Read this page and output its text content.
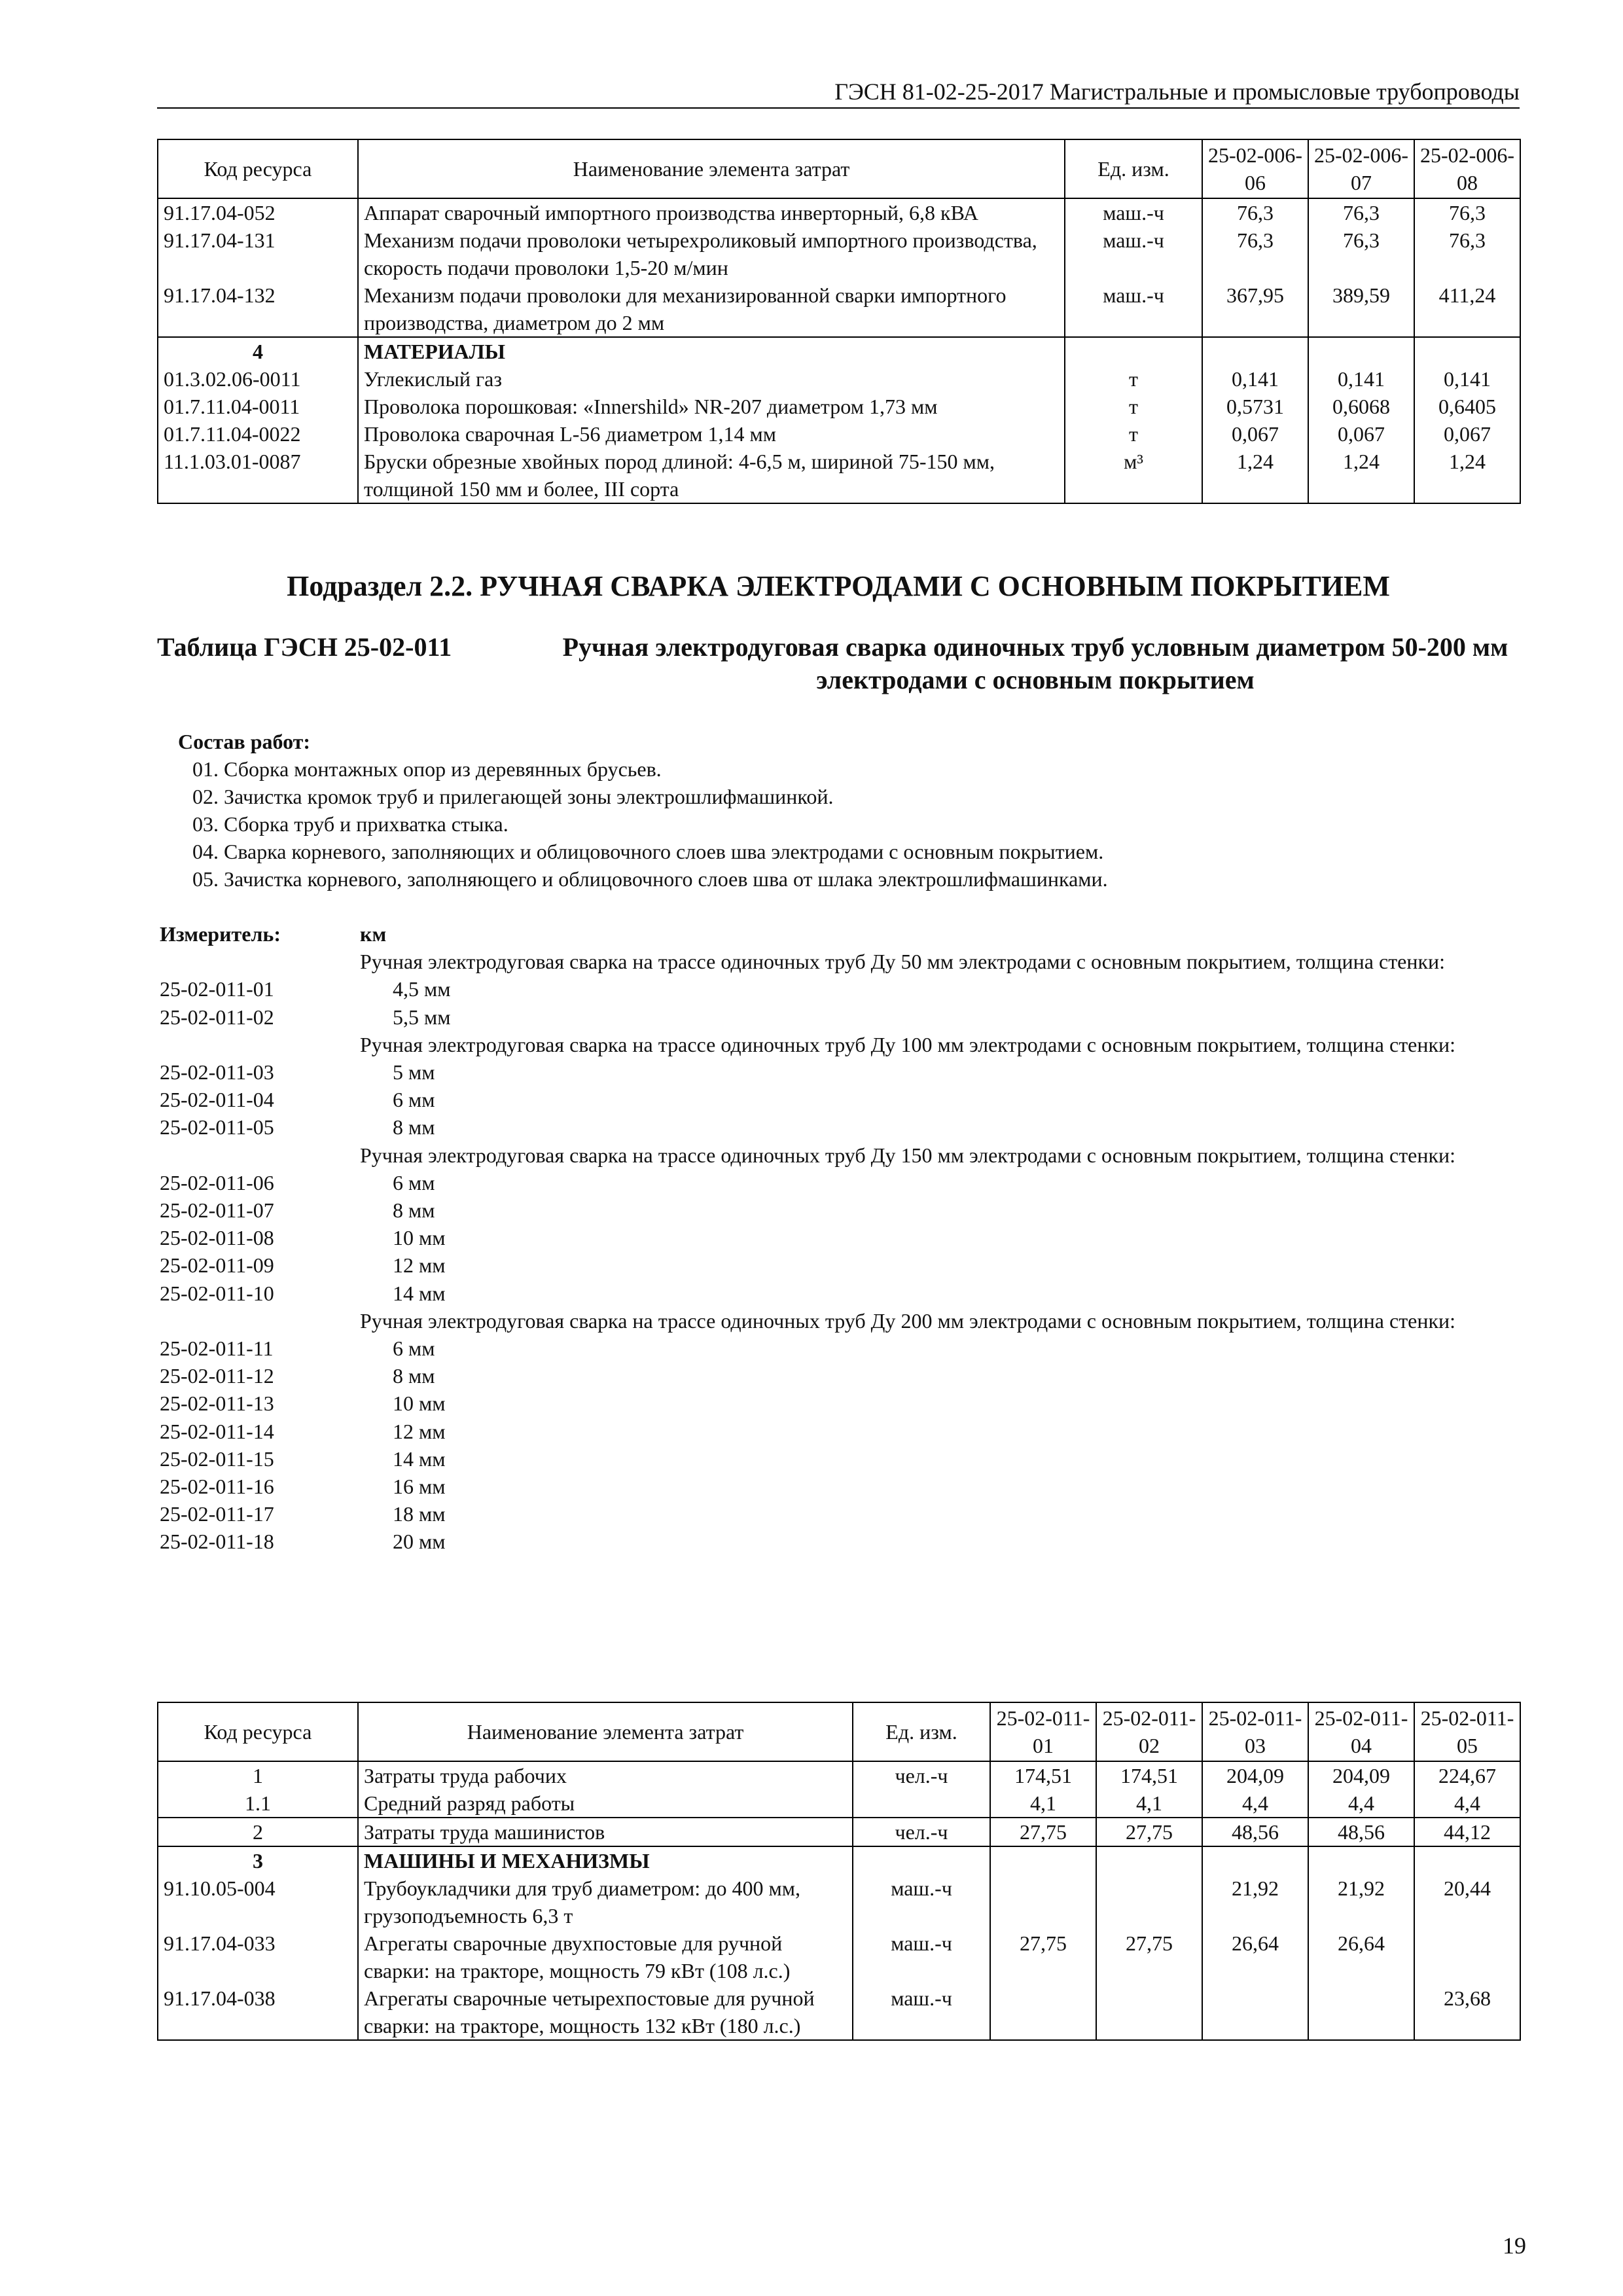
ГЭСН 81-02-25-2017 Магистральные и промысловые трубопроводы
Код ресурса	Наименование элемента затрат	Ед. изм.	25-02-006-06	25-02-006-07	25-02-006-08
91.17.04-052	Аппарат сварочный импортного производства инверторный, 6,8 кВА	маш.-ч	76,3	76,3	76,3
91.17.04-131	Механизм подачи проволоки четырехроликовый импортного производства, скорость подачи проволоки 1,5-20 м/мин	маш.-ч	76,3	76,3	76,3
91.17.04-132	Механизм подачи проволоки для механизированной сварки импортного производства, диаметром до 2 мм	маш.-ч	367,95	389,59	411,24
4	МАТЕРИАЛЫ				
01.3.02.06-0011	Углекислый газ	т	0,141	0,141	0,141
01.7.11.04-0011	Проволока порошковая: «Innershild» NR-207 диаметром 1,73 мм	т	0,5731	0,6068	0,6405
01.7.11.04-0022	Проволока сварочная L-56 диаметром 1,14 мм	т	0,067	0,067	0,067
11.1.03.01-0087	Бруски обрезные хвойных пород длиной: 4-6,5 м, шириной 75-150 мм, толщиной 150 мм и более, III сорта	м³	1,24	1,24	1,24
Подраздел 2.2. РУЧНАЯ СВАРКА ЭЛЕКТРОДАМИ С ОСНОВНЫМ ПОКРЫТИЕМ
Таблица ГЭСН 25-02-011	Ручная электродуговая сварка одиночных труб условным диаметром 50-200 мм электродами с основным покрытием
Состав работ:
01. Сборка монтажных опор из деревянных брусьев.
02. Зачистка кромок труб и прилегающей зоны электрошлифмашинкой.
03. Сборка труб и прихватка стыка.
04. Сварка корневого, заполняющих и облицовочного слоев шва электродами с основным покрытием.
05. Зачистка корневого, заполняющего и облицовочного слоев шва от шлака электрошлифмашинками.
Измеритель:	км
Ручная электродуговая сварка на трассе одиночных труб Ду 50 мм электродами с основным покрытием, толщина стенки:
25-02-011-01	4,5 мм
25-02-011-02	5,5 мм
Ручная электродуговая сварка на трассе одиночных труб Ду 100 мм электродами с основным покрытием, толщина стенки:
25-02-011-03	5 мм
25-02-011-04	6 мм
25-02-011-05	8 мм
Ручная электродуговая сварка на трассе одиночных труб Ду 150 мм электродами с основным покрытием, толщина стенки:
25-02-011-06	6 мм
25-02-011-07	8 мм
25-02-011-08	10 мм
25-02-011-09	12 мм
25-02-011-10	14 мм
Ручная электродуговая сварка на трассе одиночных труб Ду 200 мм электродами с основным покрытием, толщина стенки:
25-02-011-11	6 мм
25-02-011-12	8 мм
25-02-011-13	10 мм
25-02-011-14	12 мм
25-02-011-15	14 мм
25-02-011-16	16 мм
25-02-011-17	18 мм
25-02-011-18	20 мм
Код ресурса	Наименование элемента затрат	Ед. изм.	25-02-011-01	25-02-011-02	25-02-011-03	25-02-011-04	25-02-011-05
1	Затраты труда рабочих	чел.-ч	174,51	174,51	204,09	204,09	224,67
1.1	Средний разряд работы		4,1	4,1	4,4	4,4	4,4
2	Затраты труда машинистов	чел.-ч	27,75	27,75	48,56	48,56	44,12
3	МАШИНЫ И МЕХАНИЗМЫ						
91.10.05-004	Трубоукладчики для труб диаметром: до 400 мм, грузоподъемность 6,3 т	маш.-ч			21,92	21,92	20,44
91.17.04-033	Агрегаты сварочные двухпостовые для ручной сварки: на тракторе, мощность 79 кВт (108 л.с.)	маш.-ч	27,75	27,75	26,64	26,64	
91.17.04-038	Агрегаты сварочные четырехпостовые для ручной сварки: на тракторе, мощность 132 кВт (180 л.с.)	маш.-ч					23,68
19
